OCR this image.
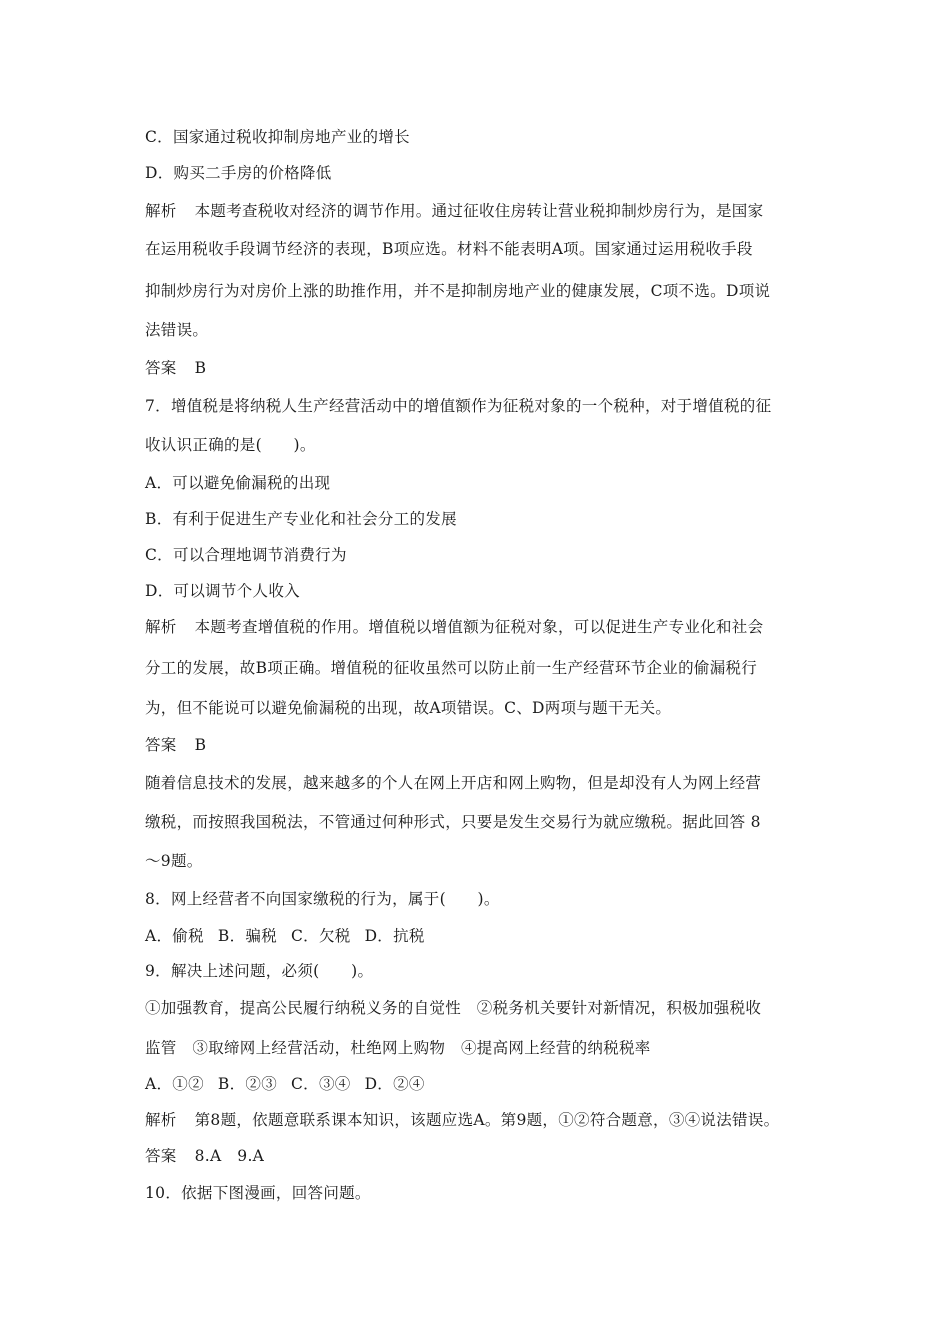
C．国家通过税收抑制房地产业的增长
D．购买二手房的价格降低
解析 本题考查税收对经济的调节作用。通过征收住房转让营业税抑制炒房行为，是国家
在运用税收手段调节经济的表现，B项应选。材料不能表明A项。国家通过运用税收手段
抑制炒房行为对房价上涨的助推作用，并不是抑制房地产业的健康发展，C项不选。D项说
法错误。
答案 B
7．增值税是将纳税人生产经营活动中的增值额作为征税对象的一个税种，对于增值税的征
收认识正确的是(　　)。
A．可以避免偷漏税的出现
B．有利于促进生产专业化和社会分工的发展
C．可以合理地调节消费行为
D．可以调节个人收入
解析 本题考查增值税的作用。增值税以增值额为征税对象，可以促进生产专业化和社会
分工的发展，故B项正确。增值税的征收虽然可以防止前一生产经营环节企业的偷漏税行
为，但不能说可以避免偷漏税的出现，故A项错误。C、D两项与题干无关。
答案 B
随着信息技术的发展，越来越多的个人在网上开店和网上购物，但是却没有人为网上经营
缴税，而按照我国税法，不管通过何种形式，只要是发生交易行为就应缴税。据此回答 8
～9题。
8．网上经营者不向国家缴税的行为，属于(　　)。
A．偷税 B．骗税 C．欠税 D．抗税
9．解决上述问题，必须(　　)。
①加强教育，提高公民履行纳税义务的自觉性　②税务机关要针对新情况，积极加强税收
监管　③取缔网上经营活动，杜绝网上购物　④提高网上经营的纳税税率
A．①② B．②③ C．③④ D．②④
解析 第8题，依题意联系课本知识，该题应选A。第9题，①②符合题意，③④说法错误。
答案 8.A　9.A
10．依据下图漫画，回答问题。
